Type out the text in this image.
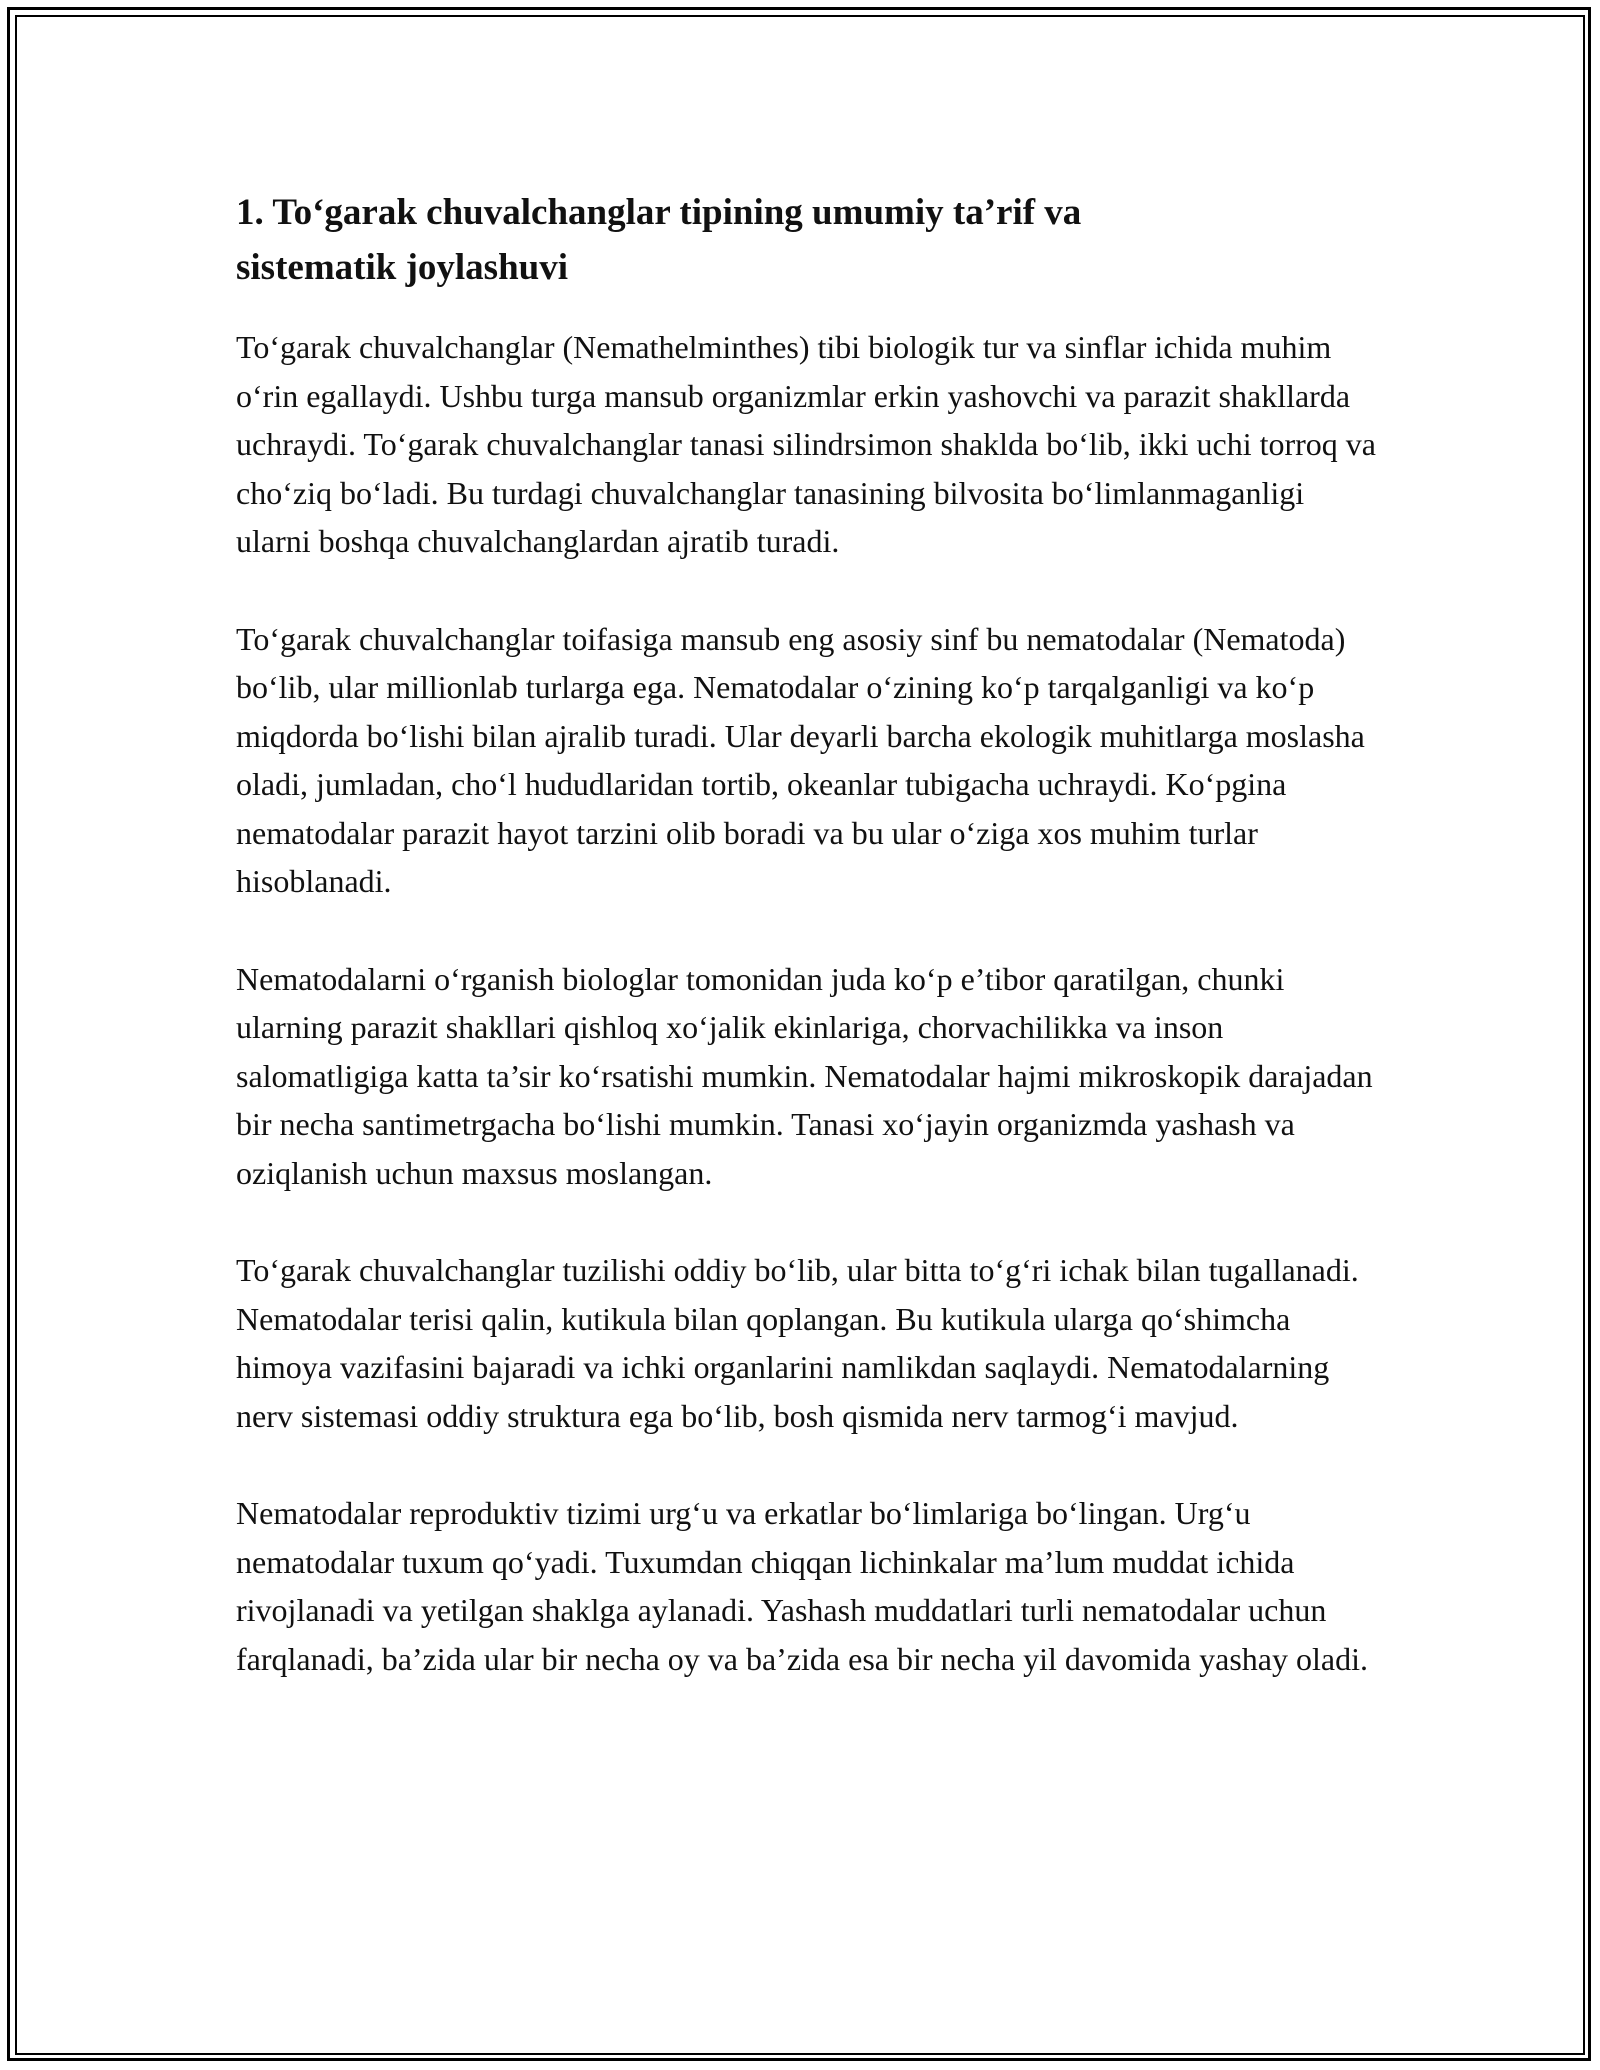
1. To‘garak chuvalchanglar tipining umumiy ta’rif va sistematik joylashuvi

To‘garak chuvalchanglar (Nemathelminthes) tibi biologik tur va sinflar ichida muhim o‘rin egallaydi. Ushbu turga mansub organizmlar erkin yashovchi va parazit shakllarda uchraydi. To‘garak chuvalchanglar tanasi silindrsimon shaklda bo‘lib, ikki uchi torroq va cho‘ziq bo‘ladi. Bu turdagi chuvalchanglar tanasining bilvosita bo‘limlanmaganligi ularni boshqa chuvalchanglardan ajratib turadi.

To‘garak chuvalchanglar toifasiga mansub eng asosiy sinf bu nematodalar (Nematoda) bo‘lib, ular millionlab turlarga ega. Nematodalar o‘zining ko‘p tarqalganligi va ko‘p miqdorda bo‘lishi bilan ajralib turadi. Ular deyarli barcha ekologik muhitlarga moslasha oladi, jumladan, cho‘l hududlaridan tortib, okeanlar tubigacha uchraydi. Ko‘pgina nematodalar parazit hayot tarzini olib boradi va bu ular o‘ziga xos muhim turlar hisoblanadi.

Nematodalarni o‘rganish biologlar tomonidan juda ko‘p e’tibor qaratilgan, chunki ularning parazit shakllari qishloq xo‘jalik ekinlariga, chorvachilikka va inson salomatligiga katta ta’sir ko‘rsatishi mumkin. Nematodalar hajmi mikroskopik darajadan bir necha santimetrgacha bo‘lishi mumkin. Tanasi xo‘jayin organizmda yashash va oziqlanish uchun maxsus moslangan.

To‘garak chuvalchanglar tuzilishi oddiy bo‘lib, ular bitta to‘g‘ri ichak bilan tugallanadi. Nematodalar terisi qalin, kutikula bilan qoplangan. Bu kutikula ularga qo‘shimcha himoya vazifasini bajaradi va ichki organlarini namlikdan saqlaydi. Nematodalarning nerv sistemasi oddiy struktura ega bo‘lib, bosh qismida nerv tarmog‘i mavjud.

Nematodalar reproduktiv tizimi urg‘u va erkatlar bo‘limlariga bo‘lingan. Urg‘u nematodalar tuxum qo‘yadi. Tuxumdan chiqqan lichinkalar ma’lum muddat ichida rivojlanadi va yetilgan shaklga aylanadi. Yashash muddatlari turli nematodalar uchun farqlanadi, ba’zida ular bir necha oy va ba’zida esa bir necha yil davomida yashay oladi.
